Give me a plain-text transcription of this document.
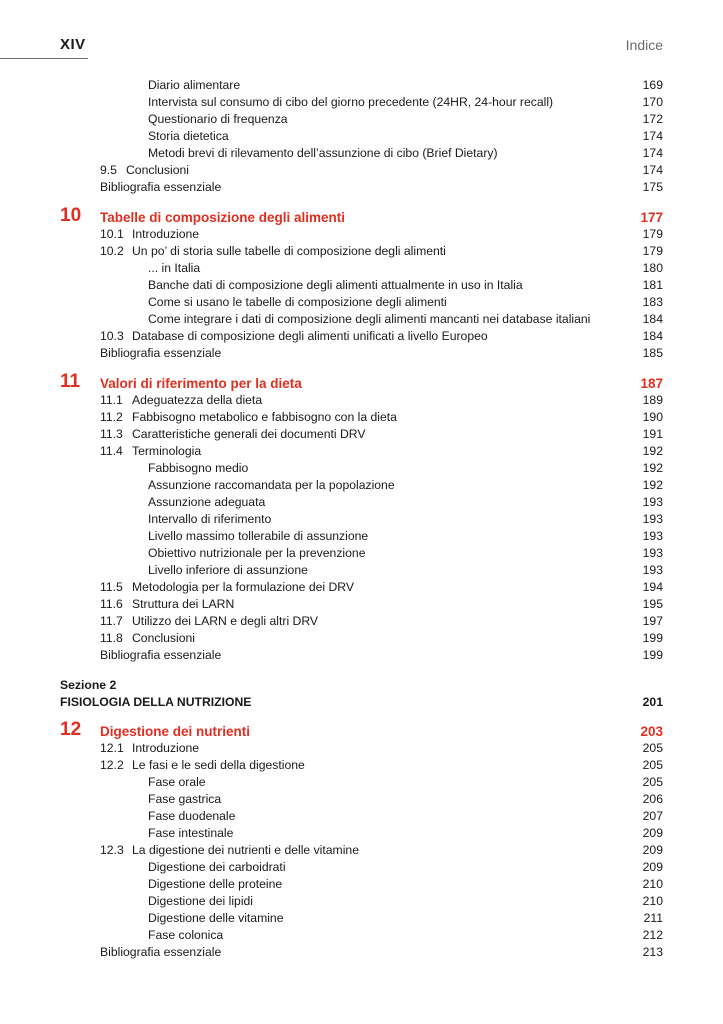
XIV	Indice
Diario alimentare	169
Intervista sul consumo di cibo del giorno precedente (24HR, 24-hour recall)	170
Questionario di frequenza	172
Storia dietetica	174
Metodi brevi di rilevamento dell’assunzione di cibo (Brief Dietary)	174
9.5 Conclusioni	174
Bibliografia essenziale	175
10 Tabelle di composizione degli alimenti	177
10.1 Introduzione	179
10.2 Un po’ di storia sulle tabelle di composizione degli alimenti	179
... in Italia	180
Banche dati di composizione degli alimenti attualmente in uso in Italia	181
Come si usano le tabelle di composizione degli alimenti	183
Come integrare i dati di composizione degli alimenti mancanti nei database italiani	184
10.3 Database di composizione degli alimenti unificati a livello Europeo	184
Bibliografia essenziale	185
11 Valori di riferimento per la dieta	187
11.1 Adeguatezza della dieta	189
11.2 Fabbisogno metabolico e fabbisogno con la dieta	190
11.3 Caratteristiche generali dei documenti DRV	191
11.4 Terminologia	192
Fabbisogno medio	192
Assunzione raccomandata per la popolazione	192
Assunzione adeguata	193
Intervallo di riferimento	193
Livello massimo tollerabile di assunzione	193
Obiettivo nutrizionale per la prevenzione	193
Livello inferiore di assunzione	193
11.5 Metodologia per la formulazione dei DRV	194
11.6 Struttura dei LARN	195
11.7 Utilizzo dei LARN e degli altri DRV	197
11.8 Conclusioni	199
Bibliografia essenziale	199
Sezione 2
FISIOLOGIA DELLA NUTRIZIONE	201
12 Digestione dei nutrienti	203
12.1 Introduzione	205
12.2 Le fasi e le sedi della digestione	205
Fase orale	205
Fase gastrica	206
Fase duodenale	207
Fase intestinale	209
12.3 La digestione dei nutrienti e delle vitamine	209
Digestione dei carboidrati	209
Digestione delle proteine	210
Digestione dei lipidi	210
Digestione delle vitamine	211
Fase colonica	212
Bibliografia essenziale	213
